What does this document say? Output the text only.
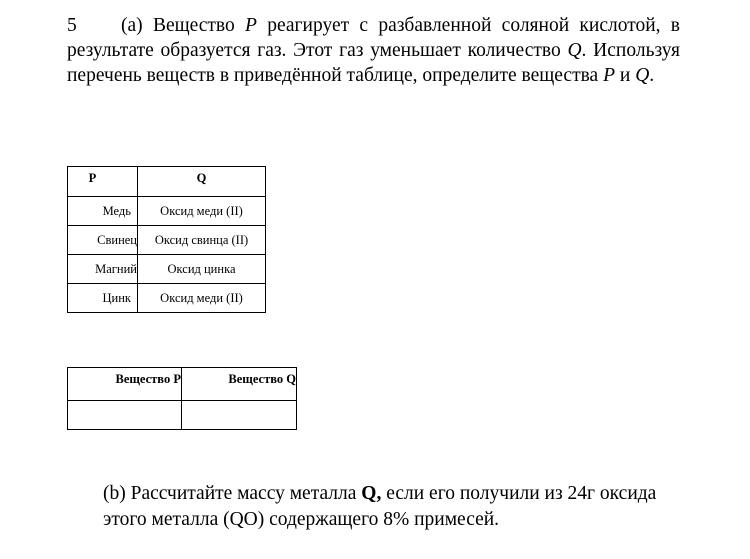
5 (a) Вещество P реагирует с разбавленной соляной кислотой, в результате образуется газ. Этот газ уменьшает количество Q. Используя перечень веществ в приведённой таблице, определите вещества P и Q.
P	Q
Медь	Оксид меди (II)
Свинец	Оксид свинца (II)
Магний	Оксид цинка
Цинк	Оксид меди (II)
Вещество P	Вещество Q

(b) Рассчитайте массу металла Q, если его получили из 24г оксида этого металла (QO) содержащего 8% примесей.
